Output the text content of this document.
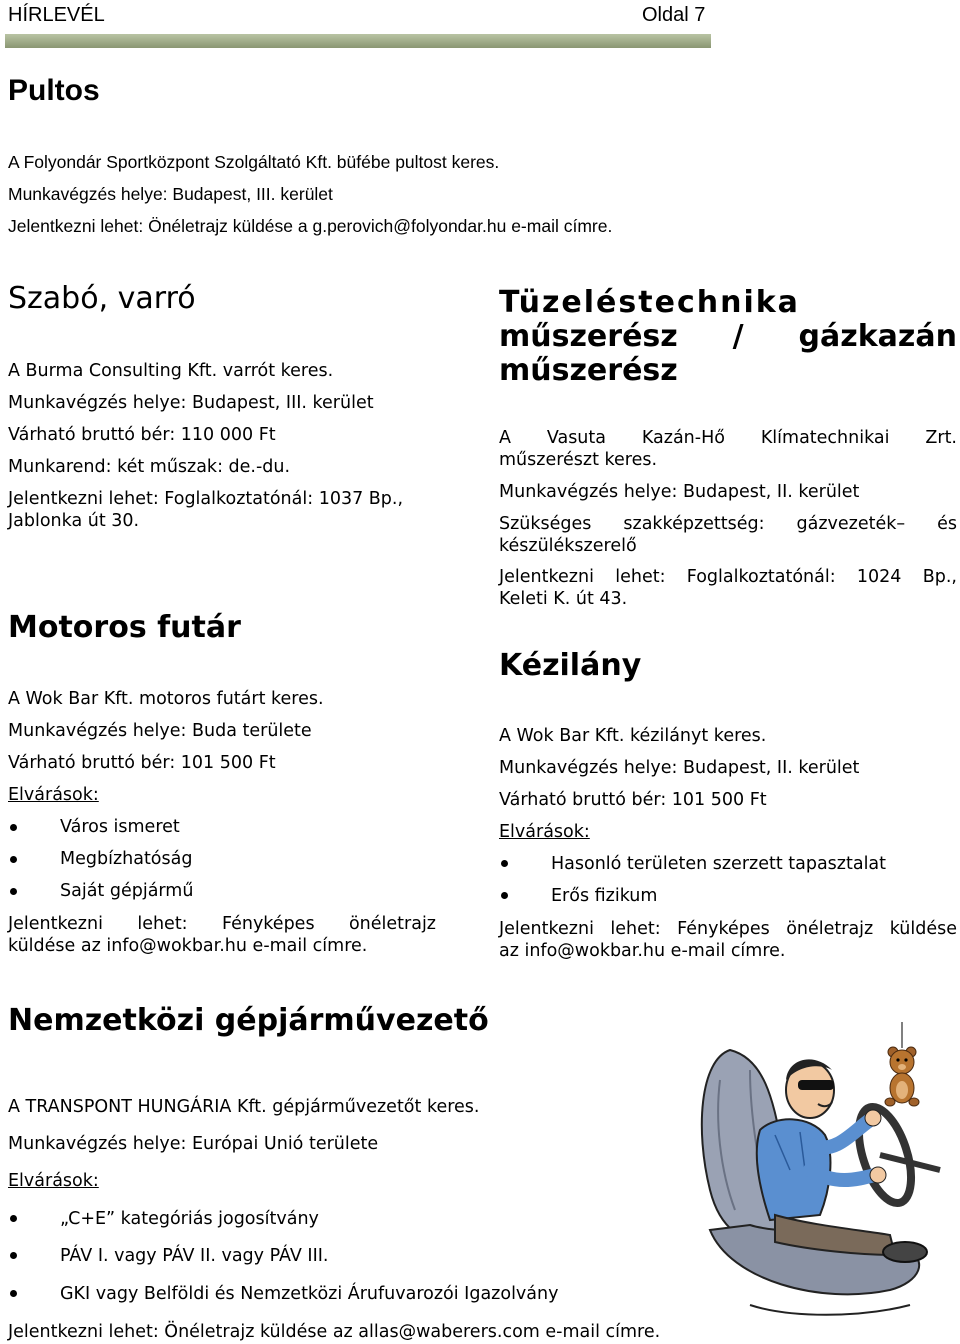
HÍRLEVÉL	Oldal 7
Pultos
A Folyondár Sportközpont Szolgáltató Kft. büfébe pultost keres.
Munkavégzés helye: Budapest, III. kerület
Jelentkezni lehet: Önéletrajz küldése a g.perovich@folyondar.hu e-mail címre.
Szabó, varró
A Burma Consulting Kft. varrót keres.
Munkavégzés helye: Budapest, III. kerület
Várható bruttó bér: 110 000 Ft
Munkarend: két műszak: de.-du.
Jelentkezni lehet: Foglalkoztatónál: 1037 Bp.,
Jablonka út 30.
Motoros futár
A Wok Bar Kft. motoros futárt keres.
Munkavégzés helye: Buda területe
Várható bruttó bér: 101 500 Ft
Elvárások:
Város ismeret
Megbízhatóság
Saját gépjármű
Jelentkezni lehet: Fényképes önéletrajz
küldése az info@wokbar.hu e-mail címre.
Tüzeléstechnika
műszerész / gázkazán
műszerész
A Vasuta Kazán-Hő Klímatechnikai Zrt.
műszerészt keres.
Munkavégzés helye: Budapest, II. kerület
Szükséges szakképzettség: gázvezeték– és
készülékszerelő
Jelentkezni lehet: Foglalkoztatónál: 1024 Bp.,
Keleti K. út 43.
Kézilány
A Wok Bar Kft. kézilányt keres.
Munkavégzés helye: Budapest, II. kerület
Várható bruttó bér: 101 500 Ft
Elvárások:
Hasonló területen szerzett tapasztalat
Erős fizikum
Jelentkezni lehet: Fényképes önéletrajz küldése
az info@wokbar.hu e-mail címre.
Nemzetközi gépjárművezető
A TRANSPONT HUNGÁRIA Kft. gépjárművezetőt keres.
Munkavégzés helye: Európai Unió területe
Elvárások:
„C+E” kategóriás jogosítvány
PÁV I. vagy PÁV II. vagy PÁV III.
GKI vagy Belföldi és Nemzetközi Árufuvarozói Igazolvány
Jelentkezni lehet: Önéletrajz küldése az allas@waberers.com e-mail címre.
